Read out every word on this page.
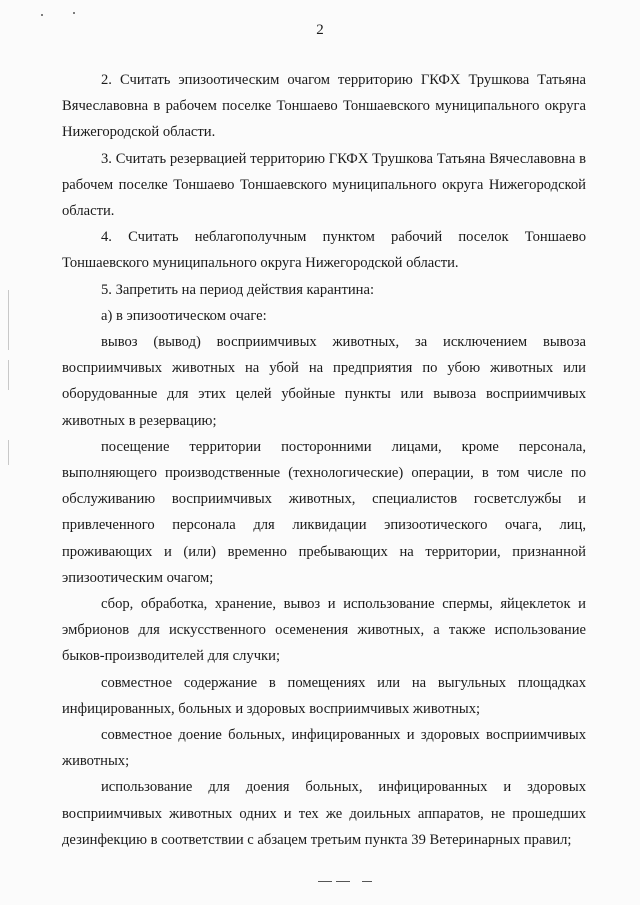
2

2. Считать эпизоотическим очагом территорию ГКФХ Трушкова Татьяна Вячеславовна в рабочем поселке Тоншаево Тоншаевского муниципального округа Нижегородской области.

3. Считать резервацией территорию ГКФХ Трушкова Татьяна Вячеславовна в рабочем поселке Тоншаево Тоншаевского муниципального округа Нижегородской области.

4. Считать неблагополучным пунктом рабочий поселок Тоншаево Тоншаевского муниципального округа Нижегородской области.

5. Запретить на период действия карантина:

а) в эпизоотическом очаге:

вывоз (вывод) восприимчивых животных, за исключением вывоза восприимчивых животных на убой на предприятия по убою животных или оборудованные для этих целей убойные пункты или вывоза восприимчивых животных в резервацию;

посещение территории посторонними лицами, кроме персонала, выполняющего производственные (технологические) операции, в том числе по обслуживанию восприимчивых животных, специалистов госветслужбы и привлеченного персонала для ликвидации эпизоотического очага, лиц, проживающих и (или) временно пребывающих на территории, признанной эпизоотическим очагом;

сбор, обработка, хранение, вывоз и использование спермы, яйцеклеток и эмбрионов для искусственного осеменения животных, а также использование быков-производителей для случки;

совместное содержание в помещениях или на выгульных площадках инфицированных, больных и здоровых восприимчивых животных;

совместное доение больных, инфицированных и здоровых восприимчивых животных;

использование для доения больных, инфицированных и здоровых восприимчивых животных одних и тех же доильных аппаратов, не прошедших дезинфекцию в соответствии с абзацем третьим пункта 39 Ветеринарных правил;
